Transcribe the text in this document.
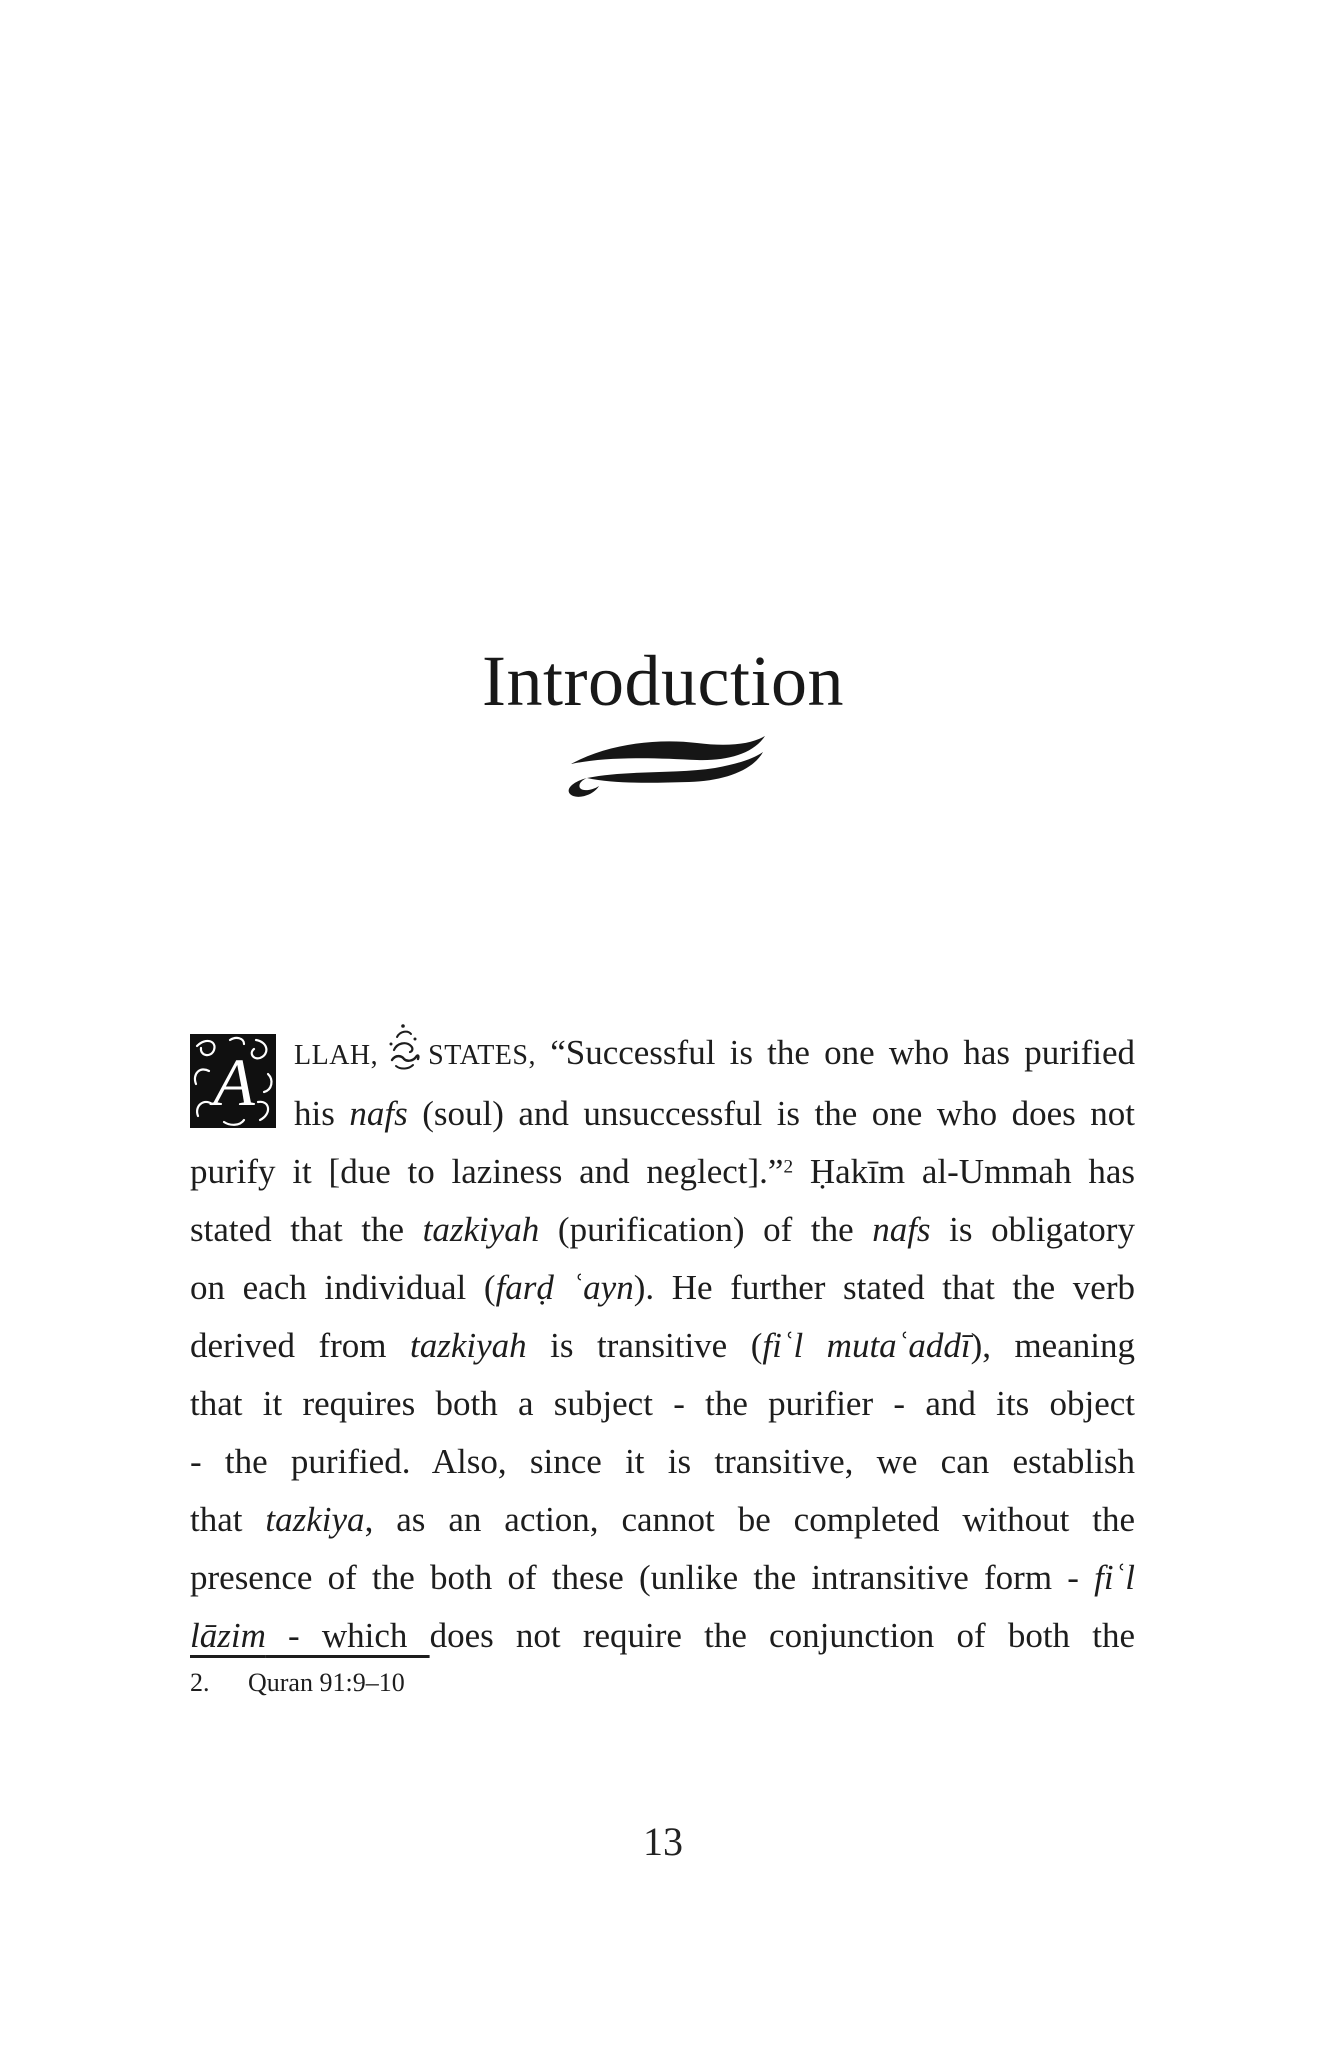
Introduction
A	LLAH, STATES, “Successful is the one who has purified
his nafs (soul) and unsuccessful is the one who does not
purify it [due to laziness and neglect].”$^2$ Ḥakīm al-Ummah has
stated that the tazkiyah (purification) of the nafs is obligatory
on each individual (farḍ ʿayn). He further stated that the verb
derived from tazkiyah is transitive (fiʿl mutaʿaddī), meaning
that it requires both a subject - the purifier - and its object
- the purified. Also, since it is transitive, we can establish
that tazkiya, as an action, cannot be completed without the
presence of the both of these (unlike the intransitive form - fiʿl
lāzim - which does not require the conjunction of both the
2.	Quran 91:9–10
13
